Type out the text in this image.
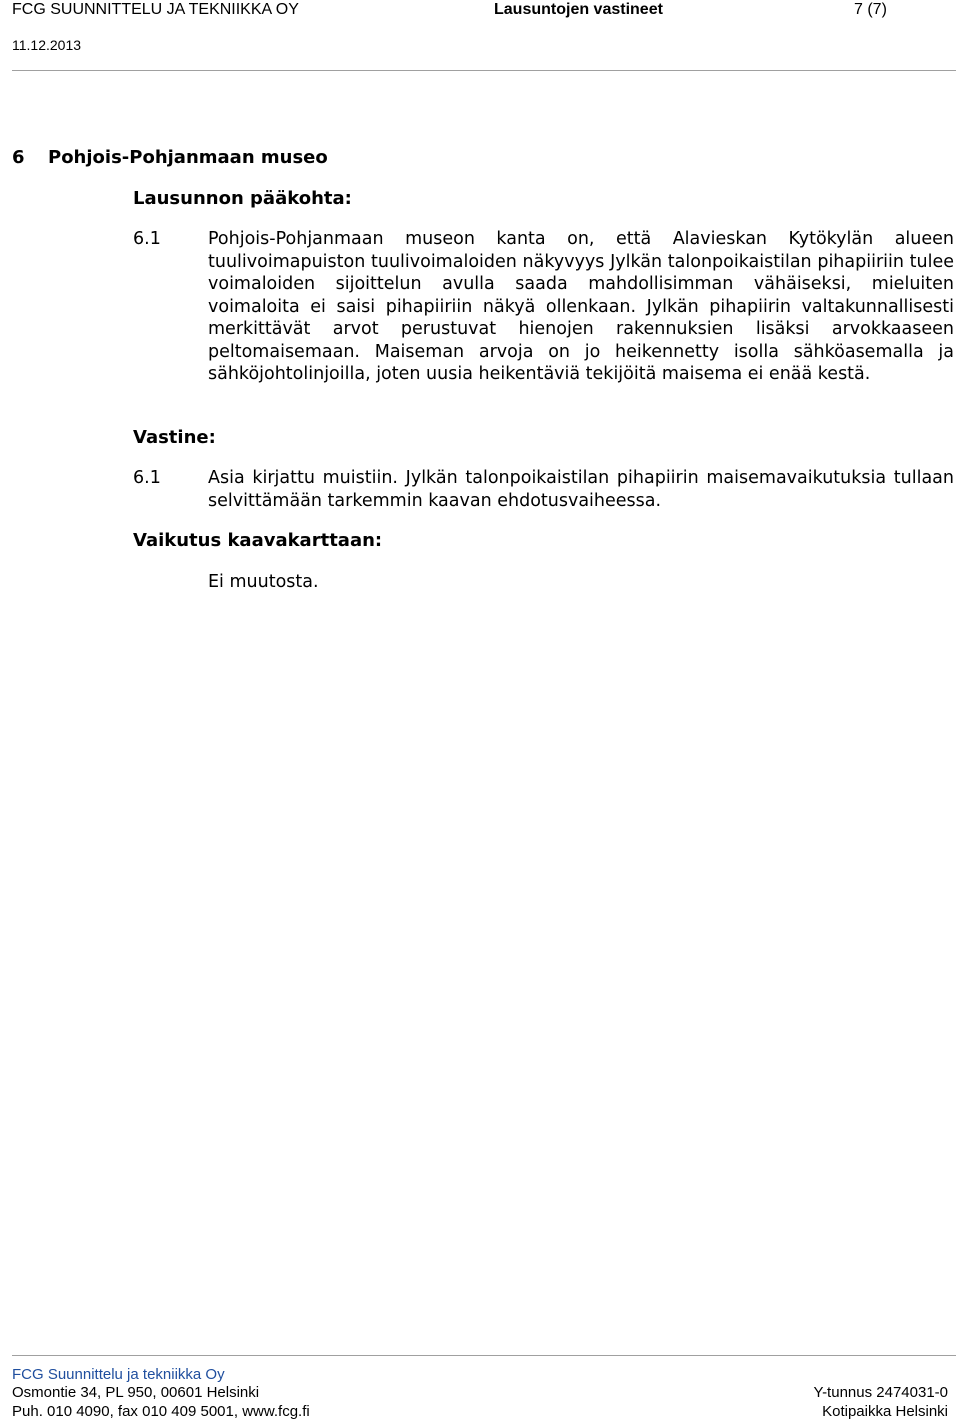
FCG SUUNNITTELU JA TEKNIIKKA OY	Lausuntojen vastineet	7 (7)
11.12.2013
6 Pohjois-Pohjanmaan museo
Lausunnon pääkohta:
6.1	Pohjois-Pohjanmaan museon kanta on, että Alavieskan Kytökylän alueen tuulivoimapuiston tuulivoimaloiden näkyvyys Jylkän talonpoikaistilan pihapiiriin tulee voimaloiden sijoittelun avulla saada mahdollisimman vähäiseksi, mieluiten voimaloita ei saisi pihapiiriin näkyä ollenkaan. Jylkän pihapiirin valtakunnallisesti merkittävät arvot perustuvat hienojen rakennuksien lisäksi arvokkaaseen peltomaisemaan. Maiseman arvoja on jo heikennetty isolla sähköasemalla ja sähköjohtolinjoilla, joten uusia heikentäviä tekijöitä maisema ei enää kestä.
Vastine:
6.1	Asia kirjattu muistiin. Jylkän talonpoikaistilan pihapiirin maisemavaikutuksia tullaan selvittämään tarkemmin kaavan ehdotusvaiheessa.
Vaikutus kaavakarttaan:
Ei muutosta.
FCG Suunnittelu ja tekniikka Oy
Osmontie 34, PL 950, 00601 Helsinki
Puh. 010 4090, fax 010 409 5001, www.fcg.fi
Y-tunnus 2474031-0
Kotipaikka Helsinki
